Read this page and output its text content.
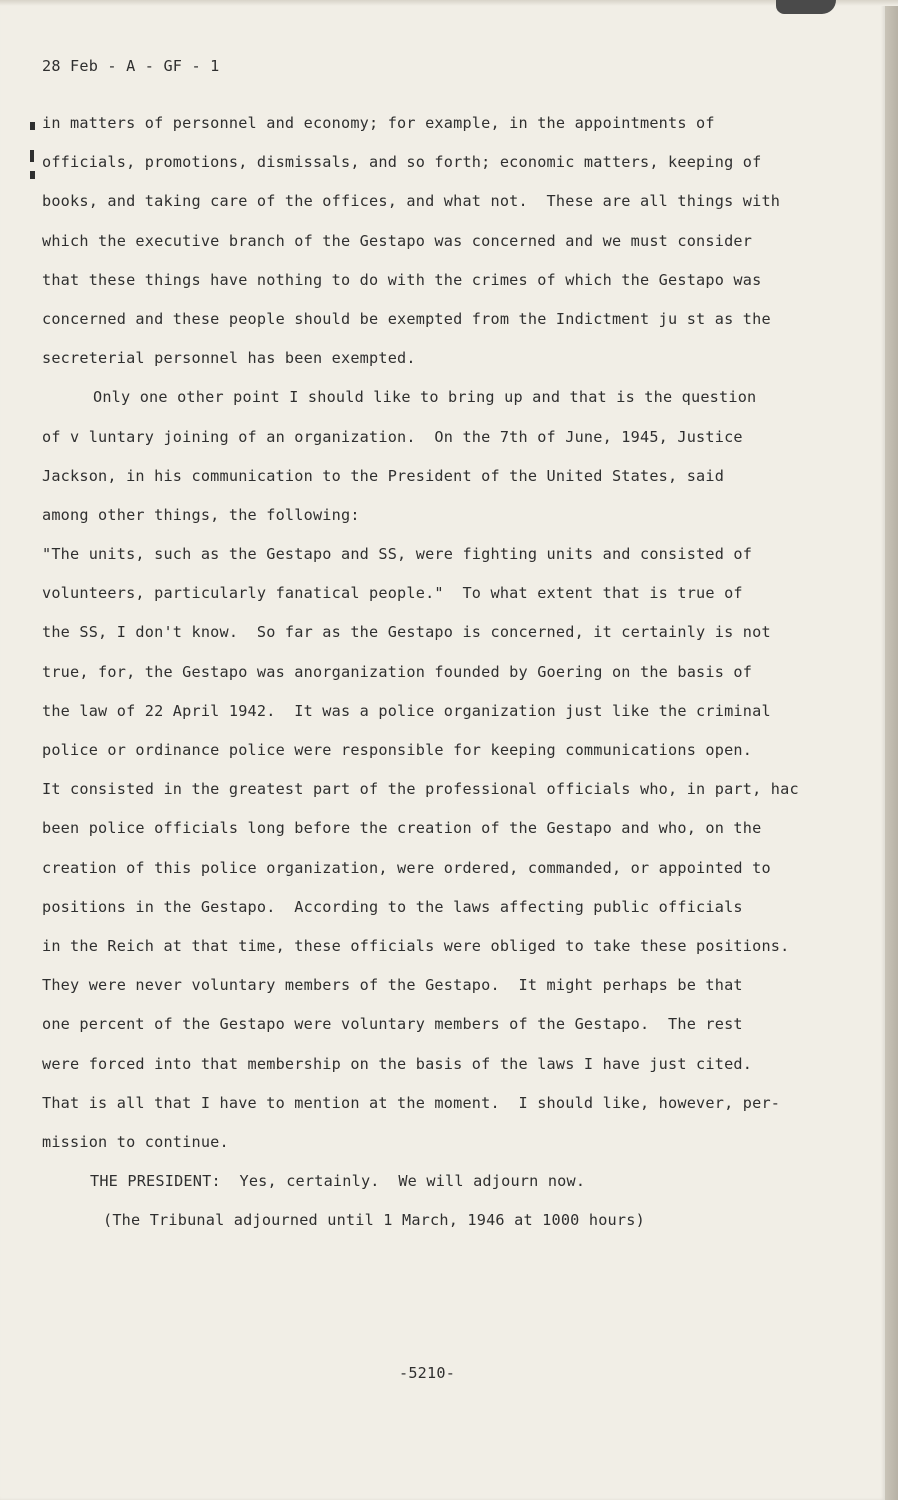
28 Feb - A - GF - 1
in matters of personnel and economy; for example, in the appointments of
officials, promotions, dismissals, and so forth; economic matters, keeping of
books, and taking care of the offices, and what not.  These are all things with
which the executive branch of the Gestapo was concerned and we must consider
that these things have nothing to do with the crimes of which the Gestapo was
concerned and these people should be exempted from the Indictment ju st as the
secreterial personnel has been exempted.
Only one other point I should like to bring up and that is the question
of v luntary joining of an organization.  On the 7th of June, 1945, Justice
Jackson, in his communication to the President of the United States, said
among other things, the following:
"The units, such as the Gestapo and SS, were fighting units and consisted of
volunteers, particularly fanatical people."  To what extent that is true of
the SS, I don't know.  So far as the Gestapo is concerned, it certainly is not
true, for, the Gestapo was anorganization founded by Goering on the basis of
the law of 22 April 1942.  It was a police organization just like the criminal
police or ordinance police were responsible for keeping communications open.
It consisted in the greatest part of the professional officials who, in part, hac
been police officials long before the creation of the Gestapo and who, on the
creation of this police organization, were ordered, commanded, or appointed to
positions in the Gestapo.  According to the laws affecting public officials
in the Reich at that time, these officials were obliged to take these positions.
They were never voluntary members of the Gestapo.  It might perhaps be that
one percent of the Gestapo were voluntary members of the Gestapo.  The rest
were forced into that membership on the basis of the laws I have just cited.
That is all that I have to mention at the moment.  I should like, however, per-
mission to continue.
THE PRESIDENT:  Yes, certainly.  We will adjourn now.
(The Tribunal adjourned until 1 March, 1946 at 1000 hours)
-5210-
